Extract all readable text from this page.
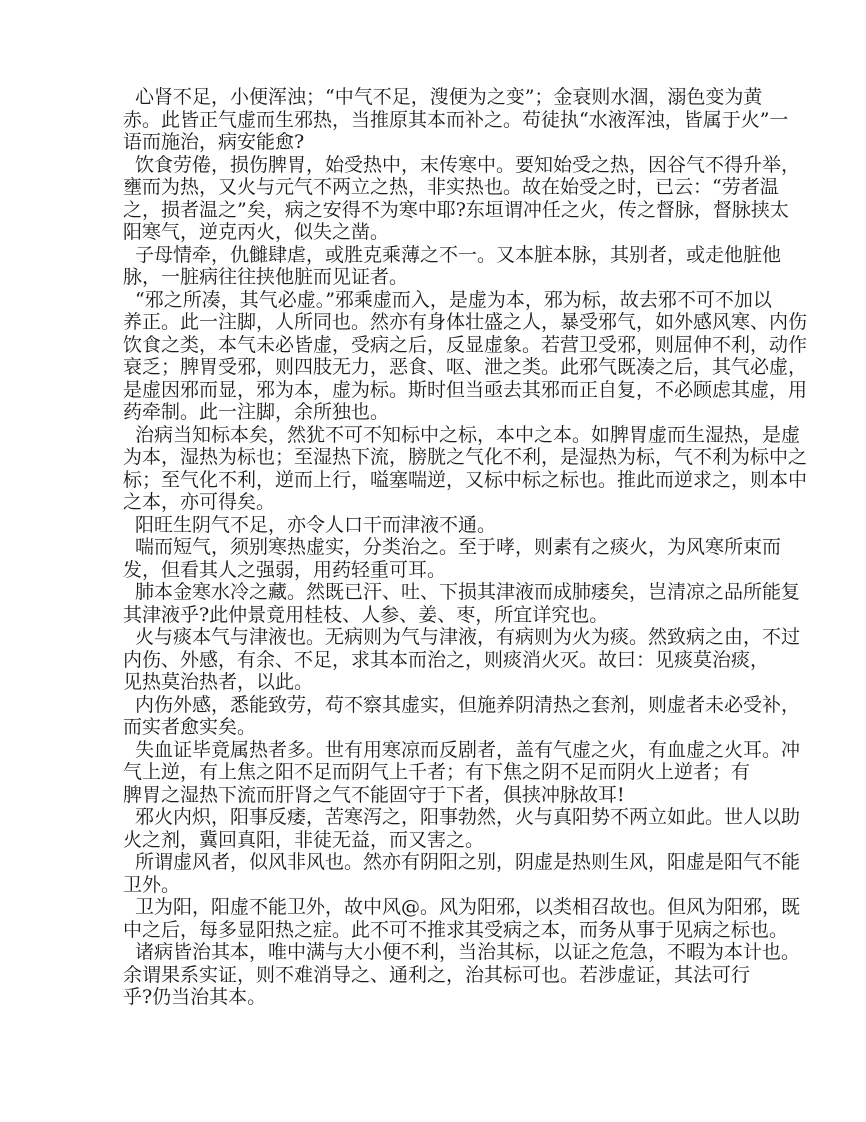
心肾不足，小便浑浊；“中气不足，溲便为之变”；金衰则水涸，溺色变为黄
赤。此皆正气虚而生邪热，当推原其本而补之。苟徒执“水液浑浊，皆属于火”一
语而施治，病安能愈?
饮食劳倦，损伤脾胃，始受热中，末传寒中。要知始受之热，因谷气不得升举，
壅而为热，又火与元气不两立之热，非实热也。故在始受之时，已云：“劳者温
之，损者温之”矣，病之安得不为寒中耶?东垣谓冲任之火，传之督脉，督脉挟太
阳寒气，逆克丙火，似失之凿。
子母情牵，仇雠肆虐，或胜克乘薄之不一。又本脏本脉，其别者，或走他脏他
脉，一脏病往往挟他脏而见证者。
“邪之所凑，其气必虚。”邪乘虚而入，是虚为本，邪为标，故去邪不可不加以
养正。此一注脚，人所同也。然亦有身体壮盛之人，暴受邪气，如外感风寒、内伤
饮食之类，本气未必皆虚，受病之后，反显虚象。若营卫受邪，则屈伸不利，动作
衰乏；脾胃受邪，则四肢无力，恶食、呕、泄之类。此邪气既凑之后，其气必虚，
是虚因邪而显，邪为本，虚为标。斯时但当亟去其邪而正自复，不必顾虑其虚，用
药牵制。此一注脚，余所独也。
治病当知标本矣，然犹不可不知标中之标，本中之本。如脾胃虚而生湿热，是虚
为本，湿热为标也；至湿热下流，膀胱之气化不利，是湿热为标，气不利为标中之
标；至气化不利，逆而上行，嗌塞喘逆，又标中标之标也。推此而逆求之，则本中
之本，亦可得矣。
阳旺生阴气不足，亦令人口干而津液不通。
喘而短气，须别寒热虚实，分类治之。至于哮，则素有之痰火，为风寒所束而
发，但看其人之强弱，用药轻重可耳。
肺本金寒水冷之藏。然既已汗、吐、下损其津液而成肺痿矣，岂清凉之品所能复
其津液乎?此仲景竟用桂枝、人参、姜、枣，所宜详究也。
火与痰本气与津液也。无病则为气与津液，有病则为火为痰。然致病之由，不过
内伤、外感，有余、不足，求其本而治之，则痰消火灭。故曰：见痰莫治痰，
见热莫治热者，以此。
内伤外感，悉能致劳，苟不察其虚实，但施养阴清热之套剂，则虚者未必受补，
而实者愈实矣。
失血证毕竟属热者多。世有用寒凉而反剧者，盖有气虚之火，有血虚之火耳。冲
气上逆，有上焦之阳不足而阴气上千者；有下焦之阴不足而阴火上逆者；有
脾胃之湿热下流而肝肾之气不能固守于下者，俱挟冲脉故耳!
邪火内炽，阳事反痿，苦寒泻之，阳事勃然，火与真阳势不两立如此。世人以助
火之剂，冀回真阳，非徒无益，而又害之。
所谓虚风者，似风非风也。然亦有阴阳之别，阴虚是热则生风，阳虚是阳气不能
卫外。
卫为阳，阳虚不能卫外，故中风@。风为阳邪，以类相召故也。但风为阳邪，既
中之后，每多显阳热之症。此不可不推求其受病之本，而务从事于见病之标也。
诸病皆治其本，唯中满与大小便不利，当治其标，以证之危急，不暇为本计也。
余谓果系实证，则不难消导之、通利之，治其标可也。若涉虚证，其法可行
乎?仍当治其本。
